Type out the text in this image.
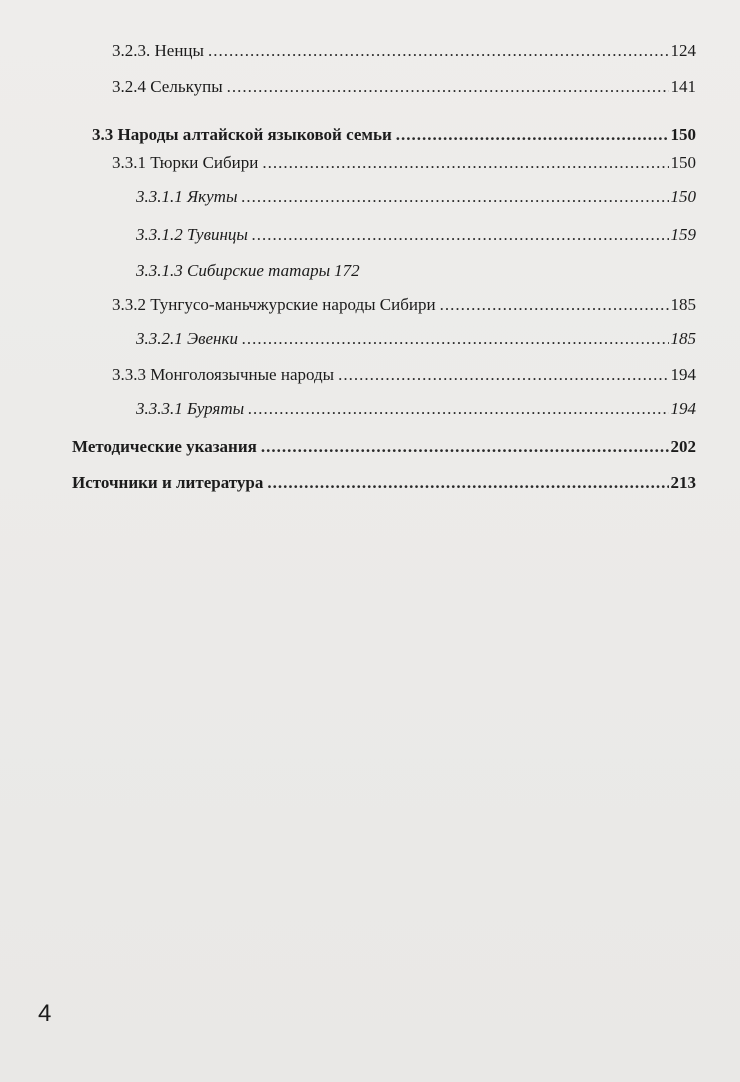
3.2.3. Ненцы .....	124
3.2.4 Селькупы .....	141
3.3 Народы алтайской языковой семьи .....	150
3.3.1 Тюрки Сибири .....	150
3.3.1.1 Якуты .....	150
3.3.1.2 Тувинцы .....	159
3.3.1.3 Сибирские татары 172
3.3.2 Тунгусо-маньчжурские народы Сибири .....	185
3.3.2.1 Эвенки .....	185
3.3.3 Монголоязычные народы .....	194
3.3.3.1 Буряты .....	194
Методические указания .....	202
Источники и литература .....	213
4
